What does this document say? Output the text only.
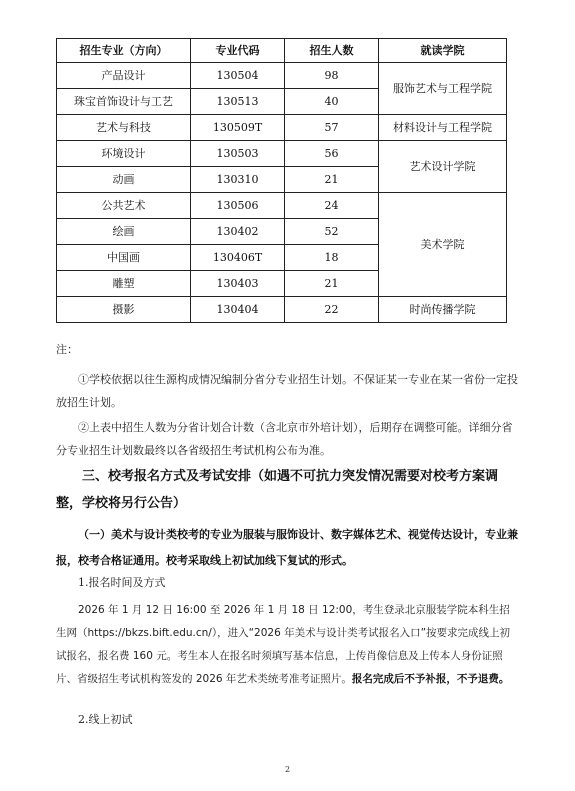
招生专业（方向）	专业代码	招生人数	就读学院
产品设计	130504	98	服饰艺术与工程学院
珠宝首饰设计与工艺	130513	40	
艺术与科技	130509T	57	材料设计与工程学院
环境设计	130503	56	艺术设计学院
动画	130310	21	
公共艺术	130506	24	美术学院
绘画	130402	52	
中国画	130406T	18	
雕塑	130403	21	
摄影	130404	22	时尚传播学院
注：
①学校依据以往生源构成情况编制分省分专业招生计划。不保证某一专业在某一省份一定投放招生计划。
②上表中招生人数为分省计划合计数（含北京市外培计划），后期存在调整可能。详细分省分专业招生计划数最终以各省级招生考试机构公布为准。
三、校考报名方式及考试安排（如遇不可抗力突发情况需要对校考方案调整，学校将另行公告）
（一）美术与设计类校考的专业为服装与服饰设计、数字媒体艺术、视觉传达设计，专业兼报，校考合格证通用。校考采取线上初试加线下复试的形式。
1.报名时间及方式
2026 年 1 月 12 日 16:00 至 2026 年 1 月 18 日 12:00，考生登录北京服装学院本科生招生网（https://bkzs.bift.edu.cn/），进入“2026 年美术与设计类考试报名入口”按要求完成线上初试报名，报名费 160 元。考生本人在报名时须填写基本信息，上传肖像信息及上传本人身份证照片、省级招生考试机构签发的 2026 年艺术类统考准考证照片。报名完成后不予补报，不予退费。
2.线上初试
2
